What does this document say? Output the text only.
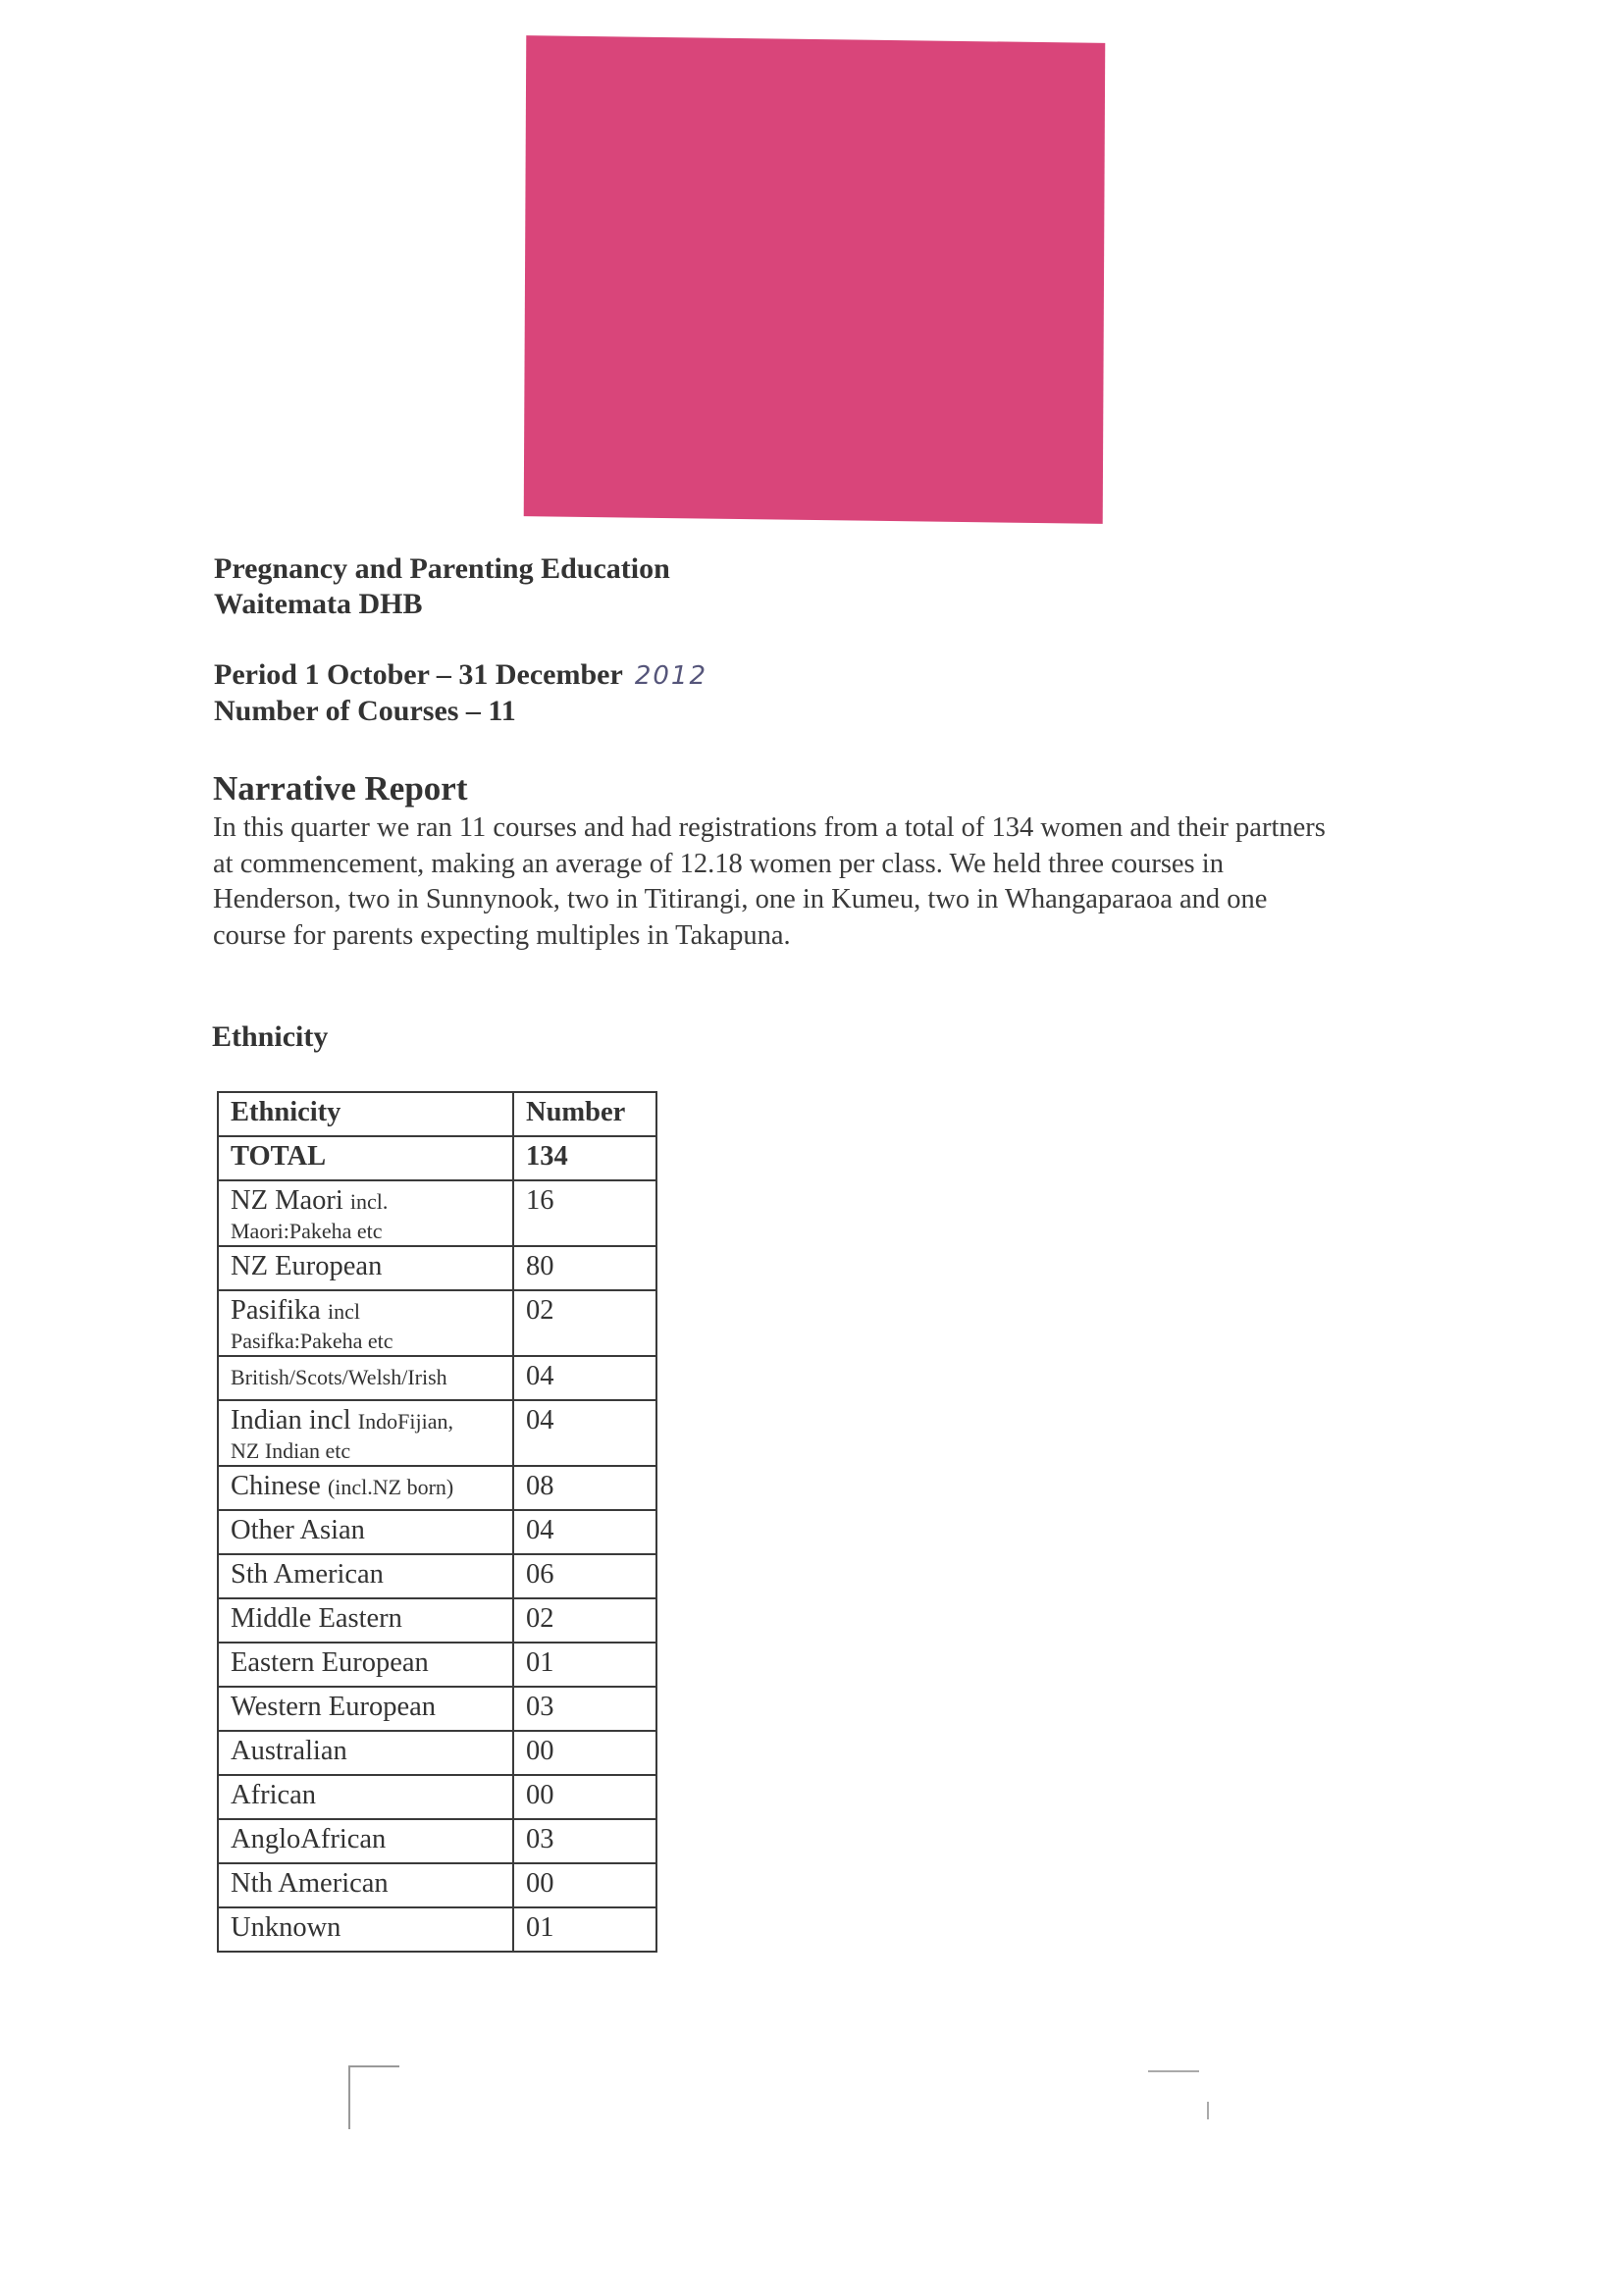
Pregnancy and Parenting Education
Waitemata DHB
Period 1 October – 31 December 2012
Number of Courses – 11
Narrative Report
In this quarter we ran 11 courses and had registrations from a total of 134 women and their partners at commencement, making an average of 12.18 women per class. We held three courses in Henderson, two in Sunnynook, two in Titirangi, one in Kumeu, two in Whangaparaoa and one course for parents expecting multiples in Takapuna.
Ethnicity
Ethnicity	Number
TOTAL	134
NZ Maori incl.
Maori:Pakeha etc	16
NZ European	80
Pasifika incl
Pasifka:Pakeha etc	02
British/Scots/Welsh/Irish	04
Indian incl IndoFijian,
NZ Indian etc	04
Chinese (incl.NZ born)	08
Other Asian	04
Sth American	06
Middle Eastern	02
Eastern European	01
Western European	03
Australian	00
African	00
AngloAfrican	03
Nth American	00
Unknown	01
